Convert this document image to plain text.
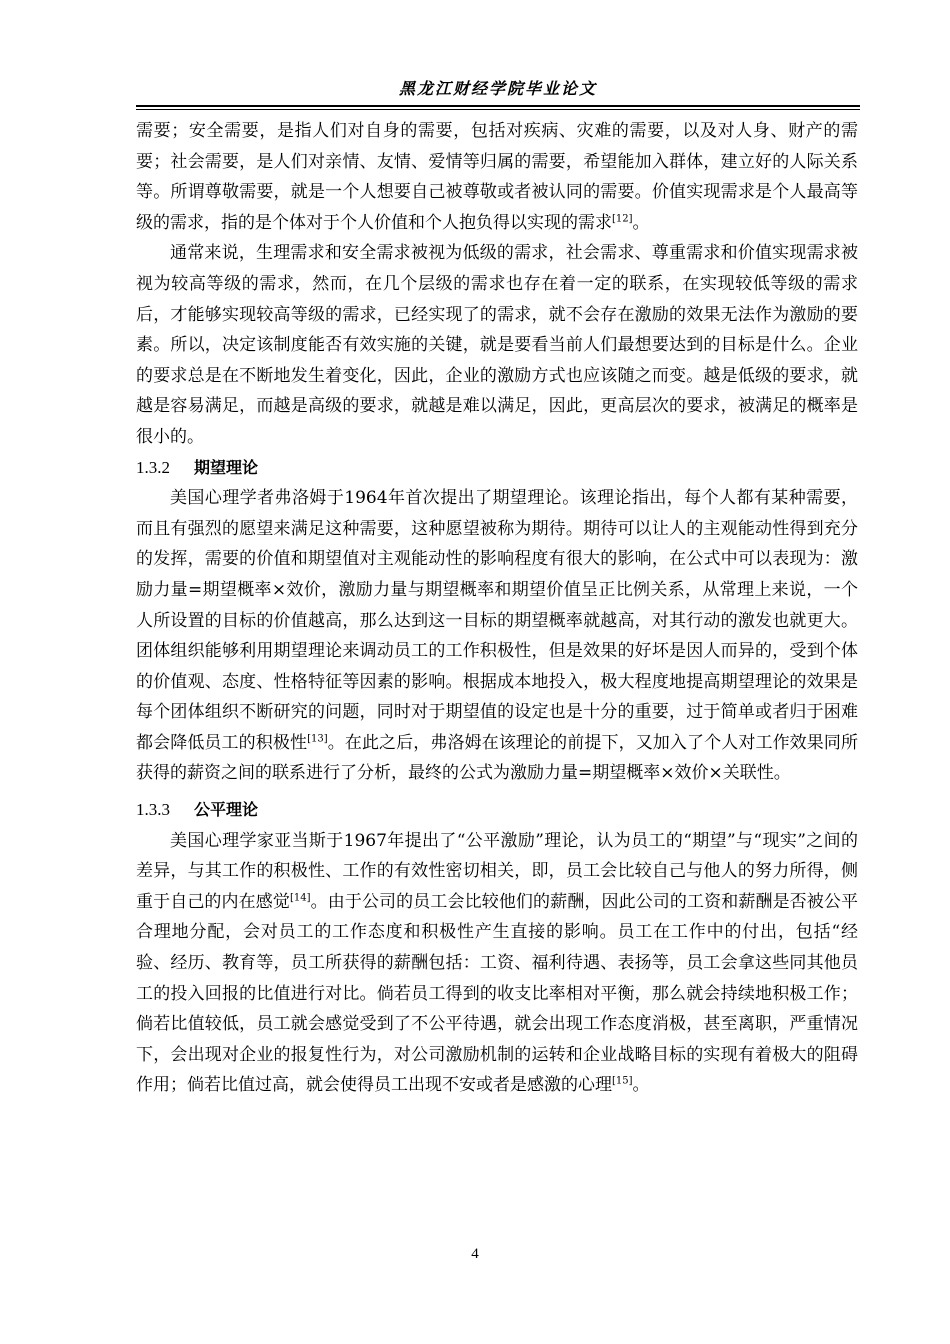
黑龙江财经学院毕业论文

需要；安全需要，是指人们对自身的需要，包括对疾病、灾难的需要，以及对人身、财产的需要；社会需要，是人们对亲情、友情、爱情等归属的需要，希望能加入群体，建立好的人际关系等。所谓尊敬需要，就是一个人想要自己被尊敬或者被认同的需要。价值实现需求是个人最高等级的需求，指的是个体对于个人价值和个人抱负得以实现的需求[12]。

通常来说，生理需求和安全需求被视为低级的需求，社会需求、尊重需求和价值实现需求被视为较高等级的需求，然而，在几个层级的需求也存在着一定的联系，在实现较低等级的需求后，才能够实现较高等级的需求，已经实现了的需求，就不会存在激励的效果无法作为激励的要素。所以，决定该制度能否有效实施的关键，就是要看当前人们最想要达到的目标是什么。企业的要求总是在不断地发生着变化，因此，企业的激励方式也应该随之而变。越是低级的要求，就越是容易满足，而越是高级的要求，就越是难以满足，因此，更高层次的要求，被满足的概率是很小的。

1.3.2 期望理论

美国心理学者弗洛姆于1964年首次提出了期望理论。该理论指出，每个人都有某种需要，而且有强烈的愿望来满足这种需要，这种愿望被称为期待。期待可以让人的主观能动性得到充分的发挥，需要的价值和期望值对主观能动性的影响程度有很大的影响，在公式中可以表现为：激励力量=期望概率×效价，激励力量与期望概率和期望价值呈正比例关系，从常理上来说，一个人所设置的目标的价值越高，那么达到这一目标的期望概率就越高，对其行动的激发也就更大。团体组织能够利用期望理论来调动员工的工作积极性，但是效果的好坏是因人而异的，受到个体的价值观、态度、性格特征等因素的影响。根据成本地投入，极大程度地提高期望理论的效果是每个团体组织不断研究的问题，同时对于期望值的设定也是十分的重要，过于简单或者归于困难都会降低员工的积极性[13]。在此之后，弗洛姆在该理论的前提下，又加入了个人对工作效果同所获得的薪资之间的联系进行了分析，最终的公式为激励力量=期望概率×效价×关联性。

1.3.3 公平理论

美国心理学家亚当斯于1967年提出了“公平激励”理论，认为员工的“期望”与“现实”之间的差异，与其工作的积极性、工作的有效性密切相关，即，员工会比较自己与他人的努力所得，侧重于自己的内在感觉[14]。由于公司的员工会比较他们的薪酬，因此公司的工资和薪酬是否被公平合理地分配，会对员工的工作态度和积极性产生直接的影响。员工在工作中的付出，包括“经验、经历、教育等，员工所获得的薪酬包括：工资、福利待遇、表扬等，员工会拿这些同其他员工的投入回报的比值进行对比。倘若员工得到的收支比率相对平衡，那么就会持续地积极工作；倘若比值较低，员工就会感觉受到了不公平待遇，就会出现工作态度消极，甚至离职，严重情况下，会出现对企业的报复性行为，对公司激励机制的运转和企业战略目标的实现有着极大的阻碍作用；倘若比值过高，就会使得员工出现不安或者是感激的心理[15]。

4
